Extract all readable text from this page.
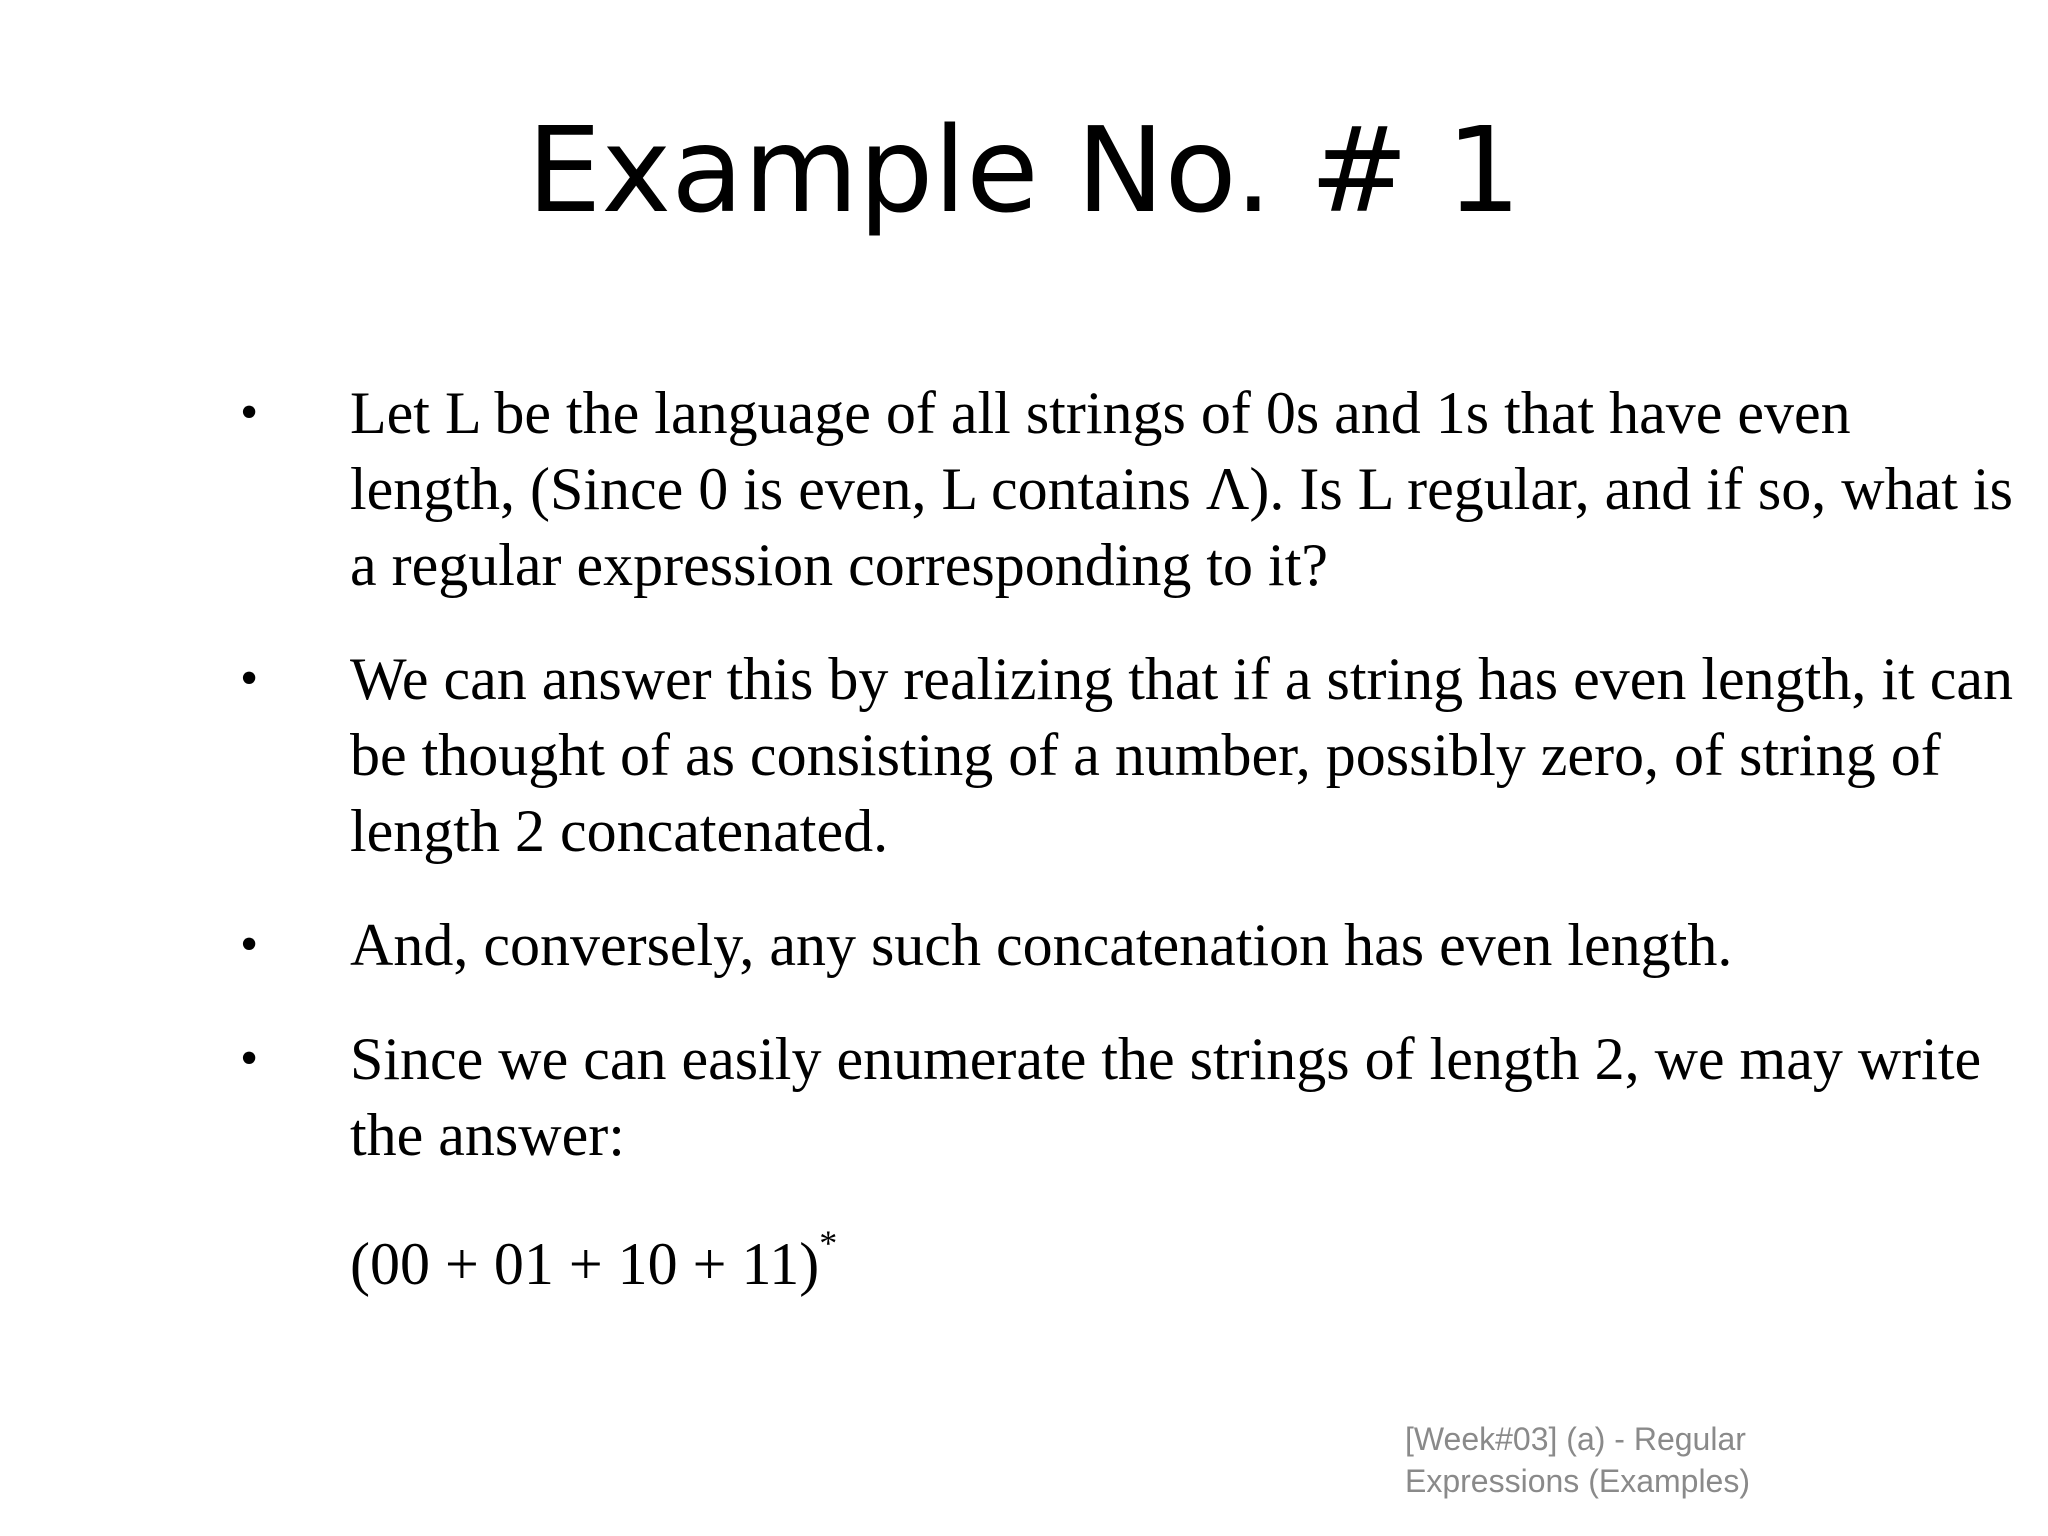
Example No. # 1
• Let L be the language of all strings of 0s and 1s that have even length, (Since 0 is even, L contains Λ). Is L regular, and if so, what is a regular expression corresponding to it?
• We can answer this by realizing that if a string has even length, it can be thought of as consisting of a number, possibly zero, of string of length 2 concatenated.
• And, conversely, any such concatenation has even length.
• Since we can easily enumerate the strings of length 2, we may write the answer:
(00 + 01 + 10 + 11)*
[Week#03] (a) - Regular
Expressions (Examples)
